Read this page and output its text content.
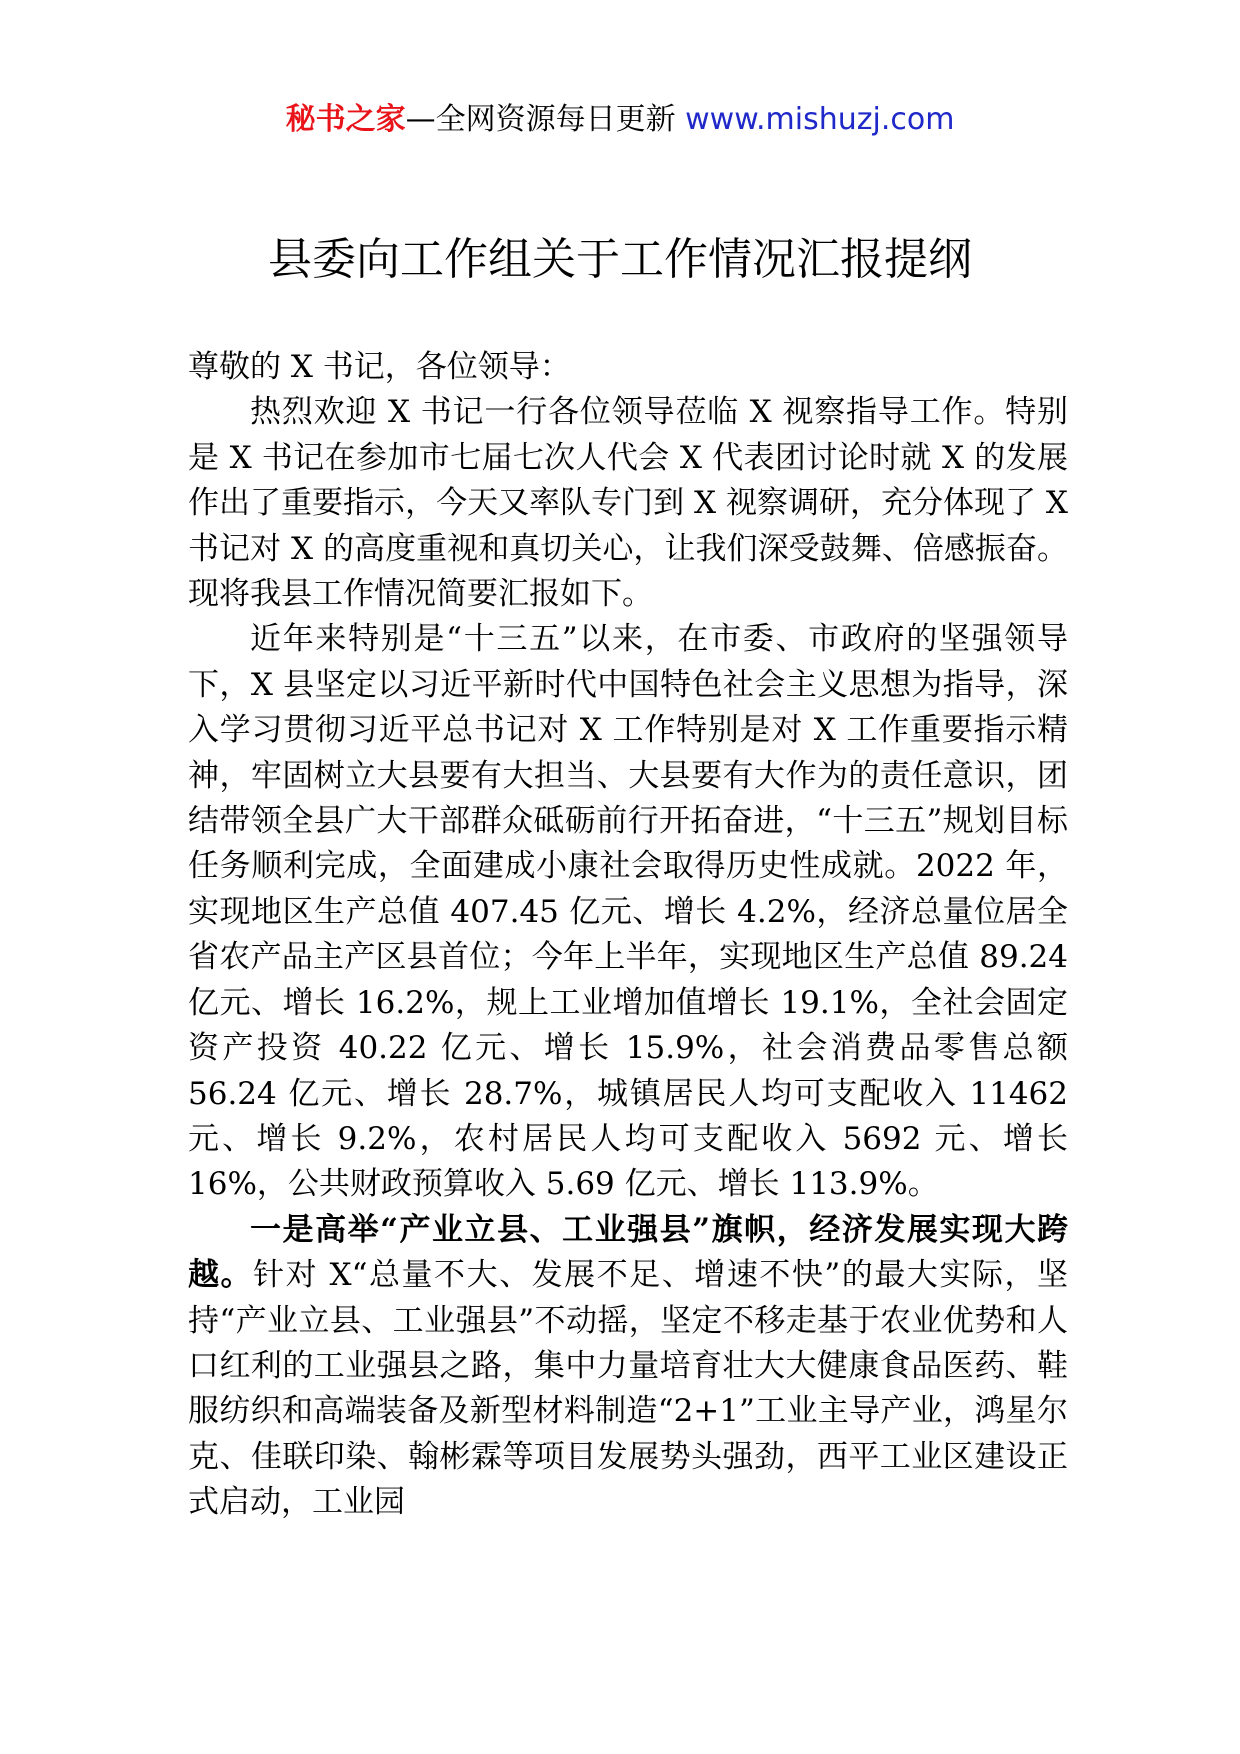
秘书之家—全网资源每日更新 www.mishuzj.com
县委向工作组关于工作情况汇报提纲

尊敬的 X 书记，各位领导：

热烈欢迎 X 书记一行各位领导莅临 X 视察指导工作。特别是 X 书记在参加市七届七次人代会 X 代表团讨论时就 X 的发展作出了重要指示，今天又率队专门到 X 视察调研，充分体现了 X 书记对 X 的高度重视和真切关心，让我们深受鼓舞、倍感振奋。现将我县工作情况简要汇报如下。

近年来特别是“十三五”以来，在市委、市政府的坚强领导下，X 县坚定以习近平新时代中国特色社会主义思想为指导，深入学习贯彻习近平总书记对 X 工作特别是对 X 工作重要指示精神，牢固树立大县要有大担当、大县要有大作为的责任意识，团结带领全县广大干部群众砥砺前行开拓奋进，“十三五”规划目标任务顺利完成，全面建成小康社会取得历史性成就。2022 年，实现地区生产总值 407.45 亿元、增长 4.2%，经济总量位居全省农产品主产区县首位；今年上半年，实现地区生产总值 89.24 亿元、增长 16.2%，规上工业增加值增长 19.1%，全社会固定资产投资 40.22 亿元、增长 15.9%，社会消费品零售总额 56.24 亿元、增长 28.7%，城镇居民人均可支配收入 11462 元、增长 9.2%，农村居民人均可支配收入 5692 元、增长 16%，公共财政预算收入 5.69 亿元、增长 113.9%。

一是高举“产业立县、工业强县”旗帜，经济发展实现大跨越。针对 X“总量不大、发展不足、增速不快”的最大实际，坚持“产业立县、工业强县”不动摇，坚定不移走基于农业优势和人口红利的工业强县之路，集中力量培育壮大大健康食品医药、鞋服纺织和高端装备及新型材料制造“2+1”工业主导产业，鸿星尔克、佳联印染、翰彬霖等项目发展势头强劲，西平工业区建设正式启动，工业园
